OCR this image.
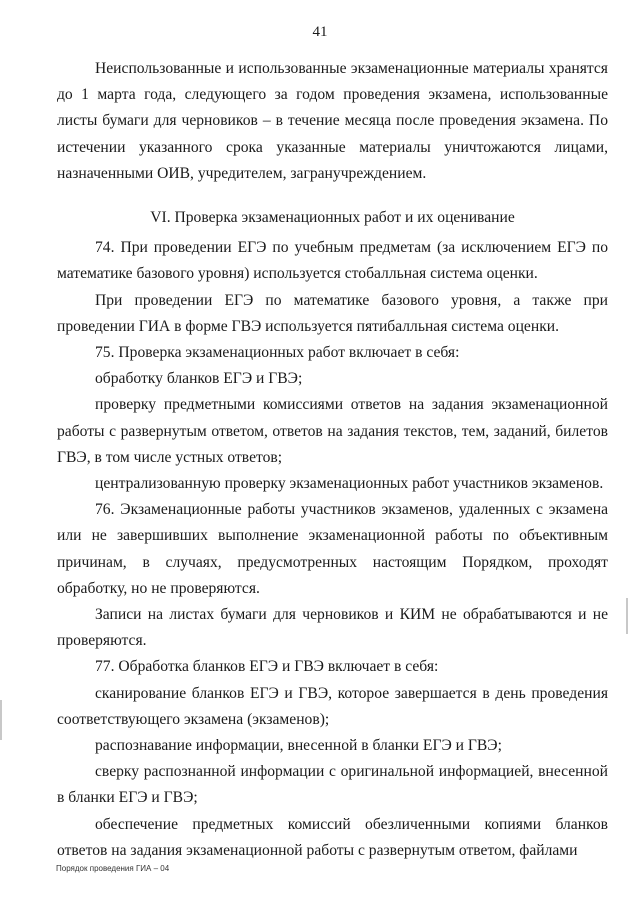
41

Неиспользованные и использованные экзаменационные материалы хранятся до 1 марта года, следующего за годом проведения экзамена, использованные листы бумаги для черновиков – в течение месяца после проведения экзамена. По истечении указанного срока указанные материалы уничтожаются лицами, назначенными ОИВ, учредителем, загранучреждением.

VI. Проверка экзаменационных работ и их оценивание

74. При проведении ЕГЭ по учебным предметам (за исключением ЕГЭ по математике базового уровня) используется стобалльная система оценки.

При проведении ЕГЭ по математике базового уровня, а также при проведении ГИА в форме ГВЭ используется пятибалльная система оценки.

75. Проверка экзаменационных работ включает в себя:

обработку бланков ЕГЭ и ГВЭ;

проверку предметными комиссиями ответов на задания экзаменационной работы с развернутым ответом, ответов на задания текстов, тем, заданий, билетов ГВЭ, в том числе устных ответов;

централизованную проверку экзаменационных работ участников экзаменов.

76. Экзаменационные работы участников экзаменов, удаленных с экзамена или не завершивших выполнение экзаменационной работы по объективным причинам, в случаях, предусмотренных настоящим Порядком, проходят обработку, но не проверяются.

Записи на листах бумаги для черновиков и КИМ не обрабатываются и не проверяются.

77. Обработка бланков ЕГЭ и ГВЭ включает в себя:

сканирование бланков ЕГЭ и ГВЭ, которое завершается в день проведения соответствующего экзамена (экзаменов);

распознавание информации, внесенной в бланки ЕГЭ и ГВЭ;

сверку распознанной информации с оригинальной информацией, внесенной в бланки ЕГЭ и ГВЭ;

обеспечение предметных комиссий обезличенными копиями бланков ответов на задания экзаменационной работы с развернутым ответом, файлами

Порядок проведения ГИА – 04
